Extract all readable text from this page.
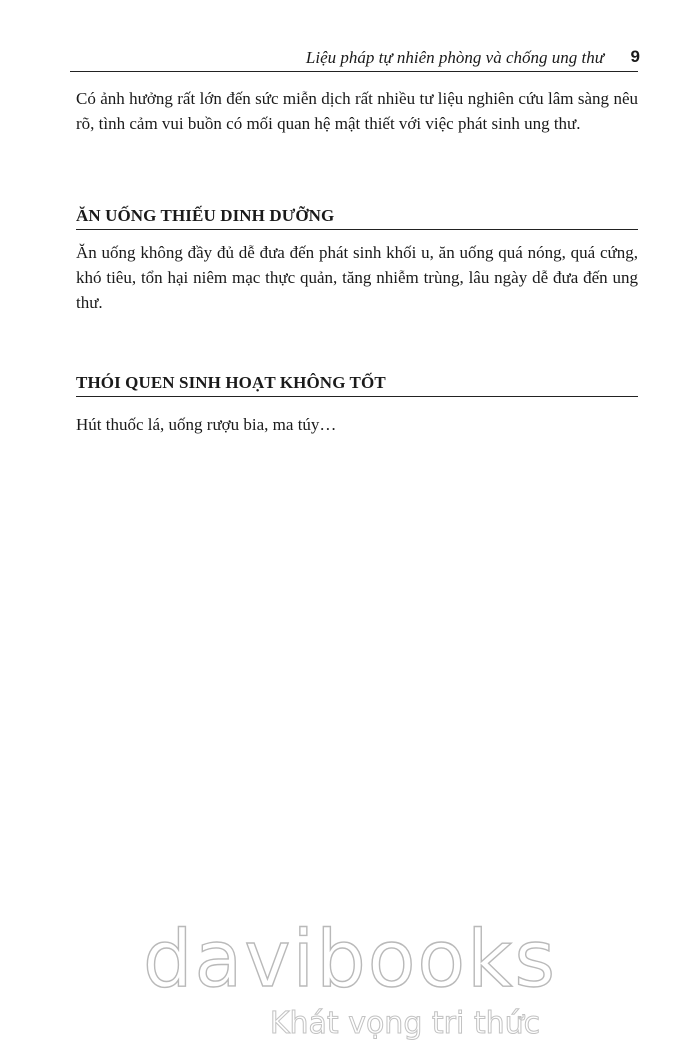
Liệu pháp tự nhiên phòng và chống ung thư	9

Có ảnh hưởng rất lớn đến sức miễn dịch rất nhiều tư liệu nghiên cứu lâm sàng nêu rõ, tình cảm vui buồn có mối quan hệ mật thiết với việc phát sinh ung thư.

ĂN UỐNG THIẾU DINH DƯỠNG

Ăn uống không đầy đủ dễ đưa đến phát sinh khối u, ăn uống quá nóng, quá cứng, khó tiêu, tổn hại niêm mạc thực quản, tăng nhiễm trùng, lâu ngày dễ đưa đến ung thư.

THÓI QUEN SINH HOẠT KHÔNG TỐT

Hút thuốc lá, uống rượu bia, ma túy…

davibooks
Khát vọng tri thức
